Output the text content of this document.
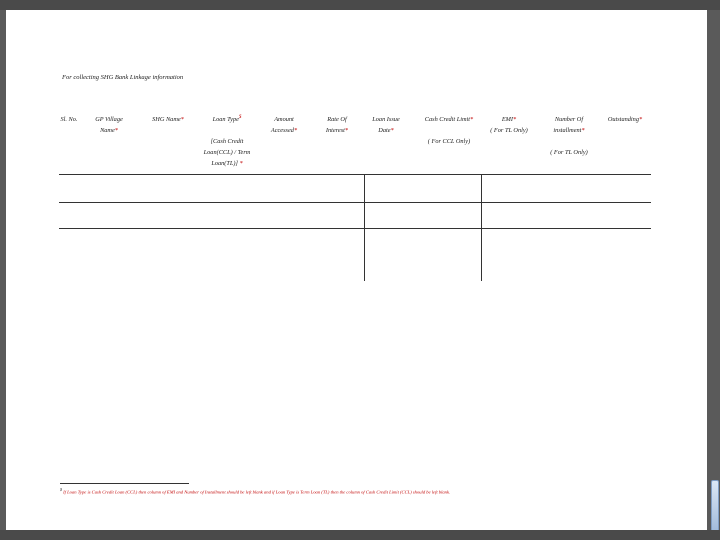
For collecting SHG Bank Linkage information
Sl. No.	GP Village Name*
SHG Name*	Loan Type$

[Cash Credit Loan(CCL) / Term Loan(TL)] *
Amount Accessed*
Rate Of Interest*
Loan Issue Date*
Cash Credit Limit*

( For CCL Only)
EMI*
( For TL Only)
Number Of installment*

( For TL Only)
Outstanding*
$ If Loan Type is Cash Credit Loan (CCL) then column of EMI and Number of Installment should be left blank and if Loan Type is Term Loan (TL) then the column of Cash Credit Limit (CCL) should be left blank.
